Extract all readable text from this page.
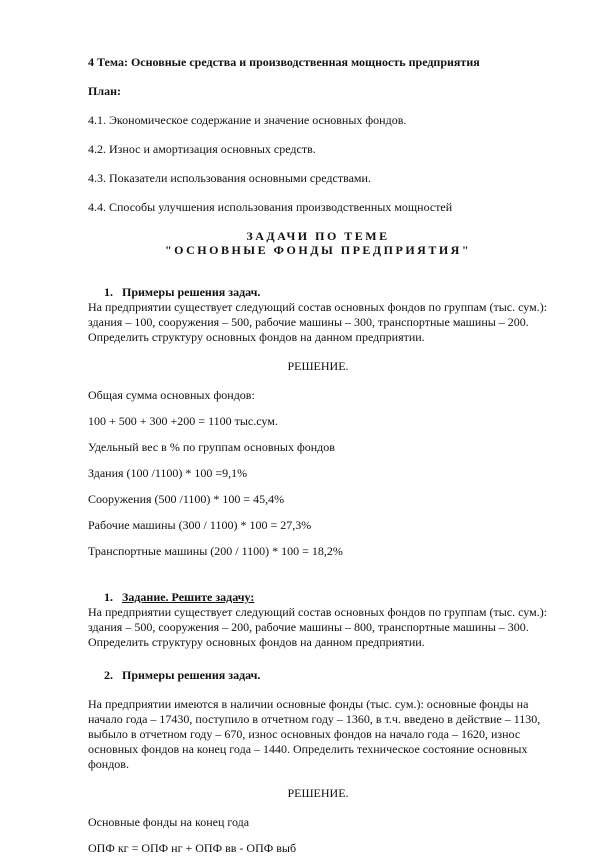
4 Тема: Основные средства и производственная мощность предприятия

План:

4.1. Экономическое содержание и значение основных фондов.

4.2. Износ и амортизация основных средств.

4.3. Показатели использования основными средствами.

4.4. Способы улучшения использования производственных мощностей

ЗАДАЧИ ПО ТЕМЕ

"ОСНОВНЫЕ ФОНДЫ ПРЕДПРИЯТИЯ"

1. Примеры решения задач.

На предприятии существует следующий состав основных фондов по группам (тыс. сум.): здания – 100, сооружения – 500, рабочие машины – 300, транспортные машины – 200. Определить структуру основных фондов на данном предприятии.

РЕШЕНИЕ.

Общая сумма основных фондов:

100 + 500 + 300 +200 = 1100 тыс.сум.

Удельный вес в % по группам основных фондов

Здания (100 /1100) * 100 =9,1%

Сооружения (500 /1100) * 100 = 45,4%

Рабочие машины (300 / 1100) * 100 = 27,3%

Транспортные машины (200 / 1100) * 100 = 18,2%

1. Задание. Решите задачу:

На предприятии существует следующий состав основных фондов по группам (тыс. сум.): здания – 500, сооружения – 200, рабочие машины – 800, транспортные машины – 300. Определить структуру основных фондов на данном предприятии.

2. Примеры решения задач.

На предприятии имеются в наличии основные фонды (тыс. сум.): основные фонды на начало года – 17430, поступило в отчетном году – 1360, в т.ч. введено в действие – 1130, выбыло в отчетном году – 670, износ основных фондов на начало года – 1620, износ основных фондов на конец года – 1440. Определить техническое состояние основных фондов.

РЕШЕНИЕ.

Основные фонды на конец года

ОПФ кг = ОПФ нг + ОПФ вв - ОПФ выб
